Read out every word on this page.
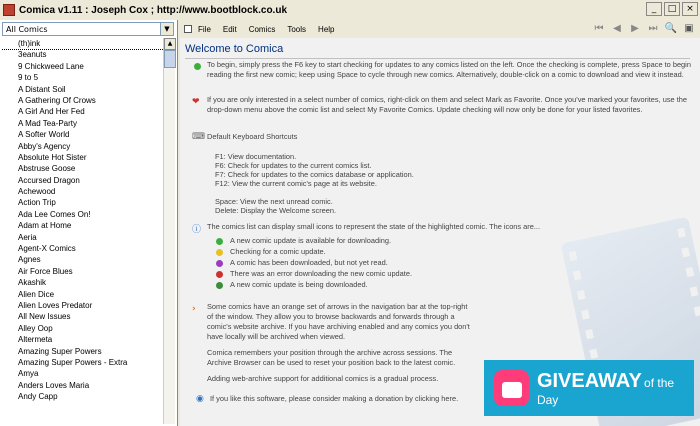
Comica v1.11 : Joseph Cox ; http://www.bootblock.co.uk	_	□	×
All Comics	▼
(th)ink
3eanuts
9 Chickweed Lane
9 to 5
A Distant Soil
A Gathering Of Crows
A Girl And Her Fed
A Mad Tea-Party
A Softer World
Abby's Agency
Absolute Hot Sister
Abstruse Goose
Accursed Dragon
Achewood
Action Trip
Ada Lee Comes On!
Adam at Home
Aeria
Agent-X Comics
Agnes
Air Force Blues
Akashik
Alien Dice
Alien Loves Predator
All New Issues
Alley Oop
Altermeta
Amazing Super Powers
Amazing Super Powers - Extra
Amya
Anders Loves Maria
Andy Capp
▲
File Edit Comics Tools Help	⏮ ◀	▶ ⏭ 🔍 ▣
Welcome to Comica
To begin, simply press the F6 key to start checking for updates to any comics listed on the left. Once the checking is complete, press Space to begin reading the first new comic; keep using Space to cycle through new comics. Alternatively, double-click on a comic to download and view it instead.
❤ If you are only interested in a select number of comics, right-click on them and select Mark as Favorite. Once you've marked your favorites, use the drop-down menu above the comic list and select My Favorite Comics. Update checking will now only be done for your listed favorites.
⌨ Default Keyboard Shortcuts
F1: View documentation.
F6: Check for updates to the current comics list.
F7: Check for updates to the comics database or application.
F12: View the current comic's page at its website.
Space: View the next unread comic.
Delete: Display the Welcome screen.
ⓘ The comics list can display small icons to represent the state of the highlighted comic. The icons are...
A new comic update is available for downloading.
Checking for a comic update.
A comic has been downloaded, but not yet read.
There was an error downloading the new comic update.
A new comic update is being downloaded.
› Some comics have an orange set of arrows in the navigation bar at the top-right of the window. They allow you to browse backwards and forwards through a comic's website archive. If you have archiving enabled and any comics you don't have locally will be archived when viewed.
Comica remembers your position through the archive across sessions. The Archive Browser can be used to reset your position back to the latest comic.
Adding web-archive support for additional comics is a gradual process.
◉ If you like this software, please consider making a donation by clicking here.
GIVEAWAY of the Day
